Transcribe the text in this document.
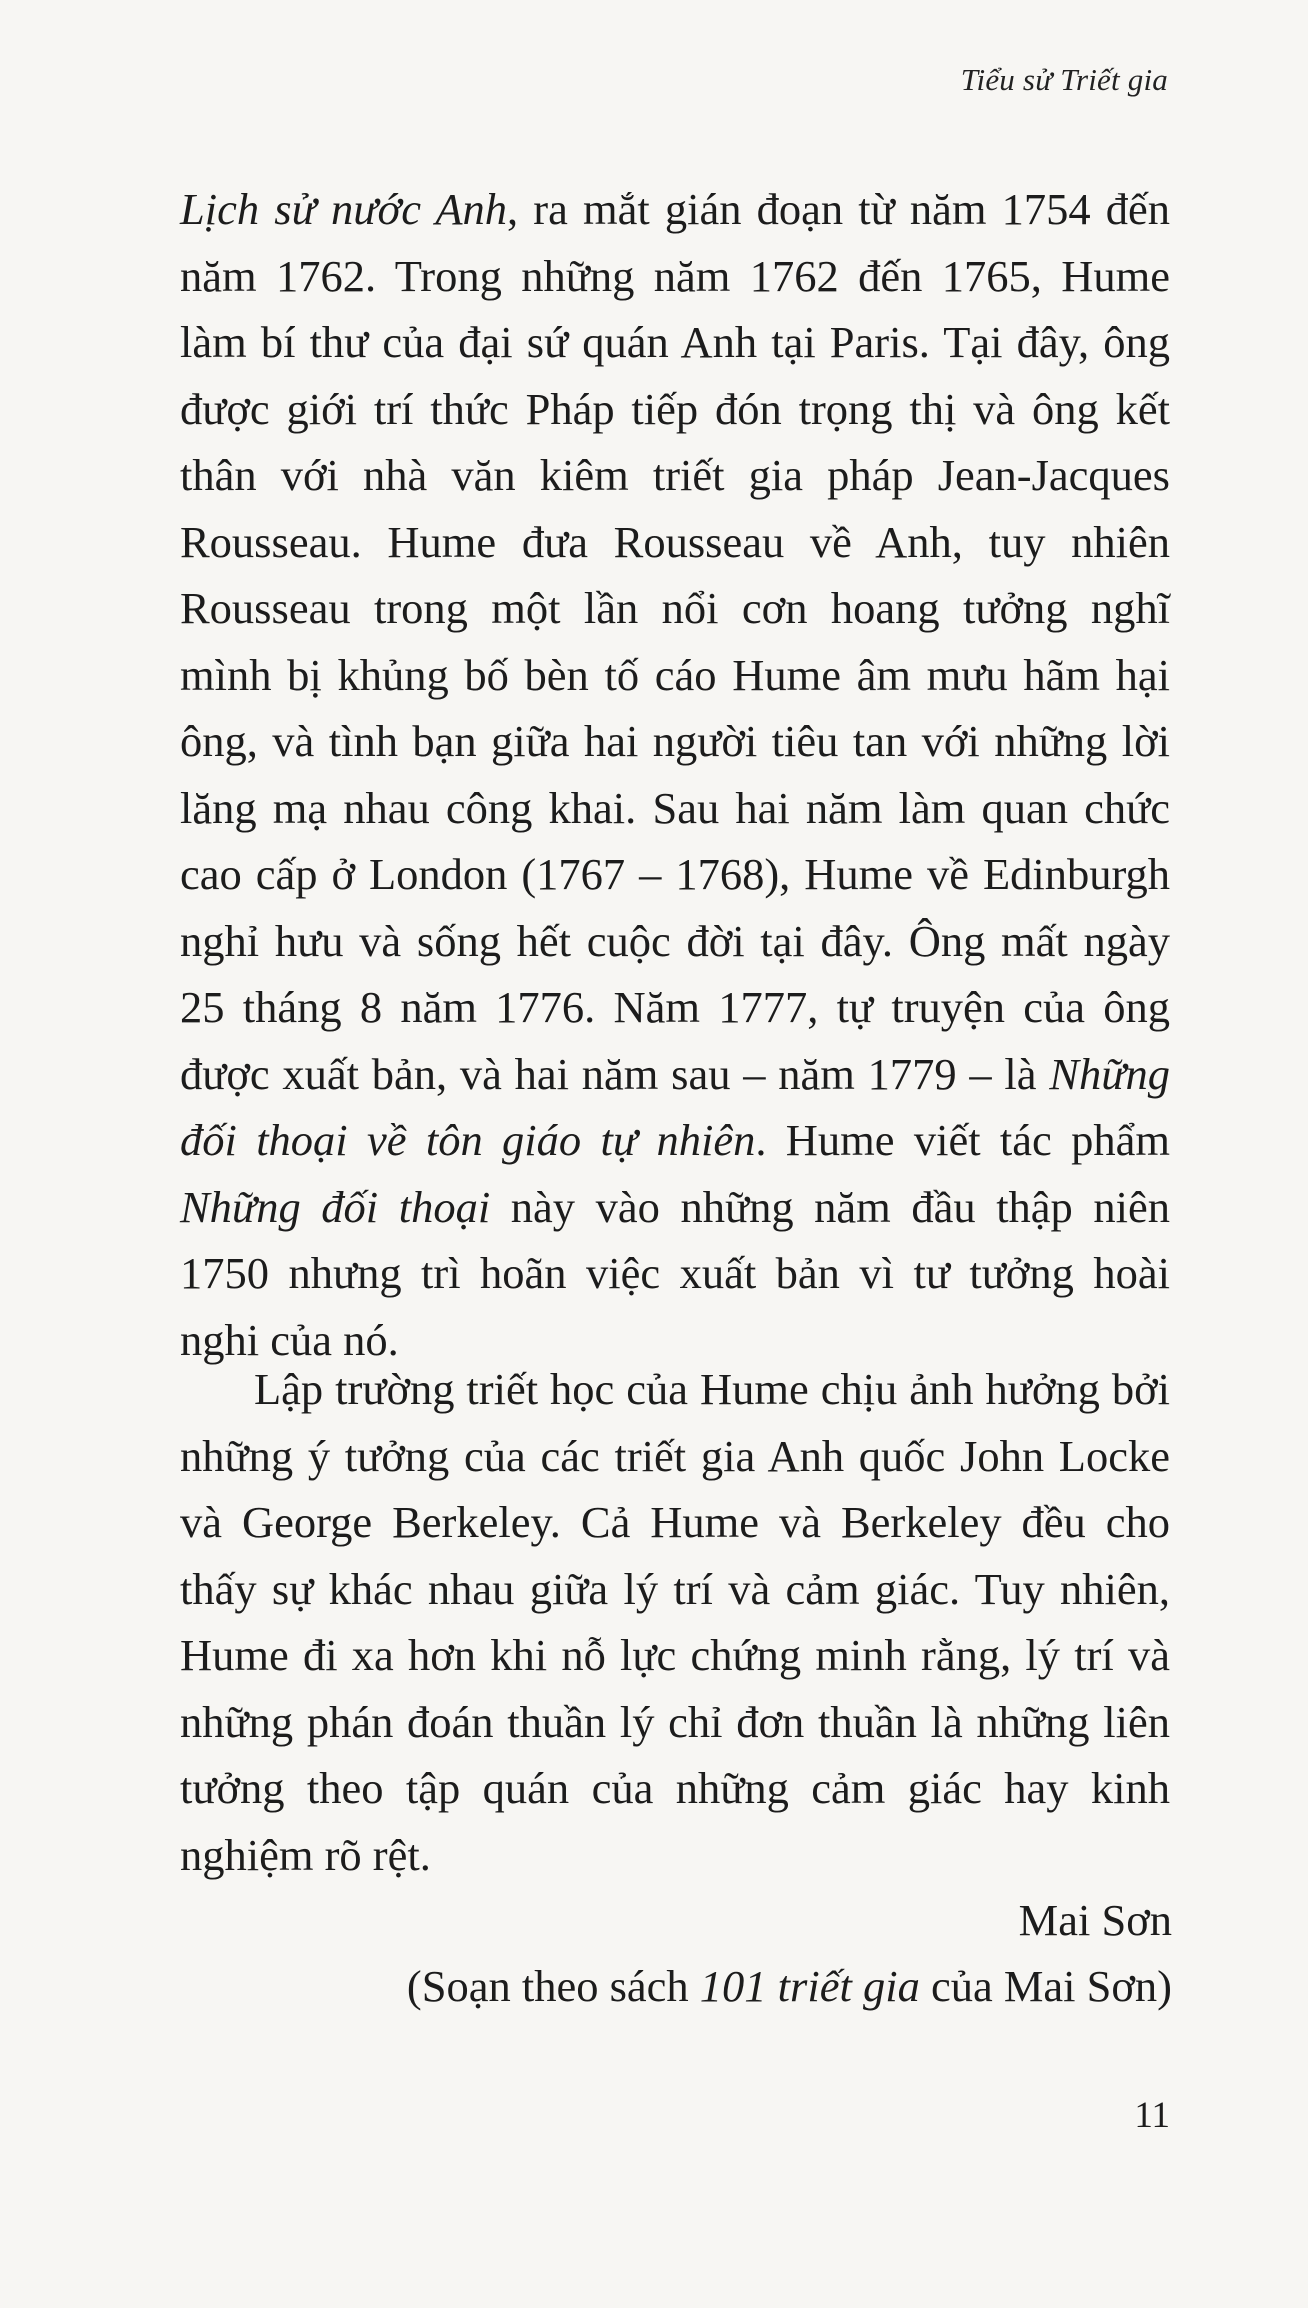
Tiểu sử Triết gia
Lịch sử nước Anh, ra mắt gián đoạn từ năm 1754 đến năm 1762. Trong những năm 1762 đến 1765, Hume làm bí thư của đại sứ quán Anh tại Paris. Tại đây, ông được giới trí thức Pháp tiếp đón trọng thị và ông kết thân với nhà văn kiêm triết gia pháp Jean-Jacques Rousseau. Hume đưa Rousseau về Anh, tuy nhiên Rousseau trong một lần nổi cơn hoang tưởng nghĩ mình bị khủng bố bèn tố cáo Hume âm mưu hãm hại ông, và tình bạn giữa hai người tiêu tan với những lời lăng mạ nhau công khai. Sau hai năm làm quan chức cao cấp ở London (1767 – 1768), Hume về Edinburgh nghỉ hưu và sống hết cuộc đời tại đây. Ông mất ngày 25 tháng 8 năm 1776. Năm 1777, tự truyện của ông được xuất bản, và hai năm sau – năm 1779 – là Những đối thoại về tôn giáo tự nhiên. Hume viết tác phẩm Những đối thoại này vào những năm đầu thập niên 1750 nhưng trì hoãn việc xuất bản vì tư tưởng hoài nghi của nó.
Lập trường triết học của Hume chịu ảnh hưởng bởi những ý tưởng của các triết gia Anh quốc John Locke và George Berkeley. Cả Hume và Berkeley đều cho thấy sự khác nhau giữa lý trí và cảm giác. Tuy nhiên, Hume đi xa hơn khi nỗ lực chứng minh rằng, lý trí và những phán đoán thuần lý chỉ đơn thuần là những liên tưởng theo tập quán của những cảm giác hay kinh nghiệm rõ rệt.
Mai Sơn
(Soạn theo sách 101 triết gia của Mai Sơn)
11
